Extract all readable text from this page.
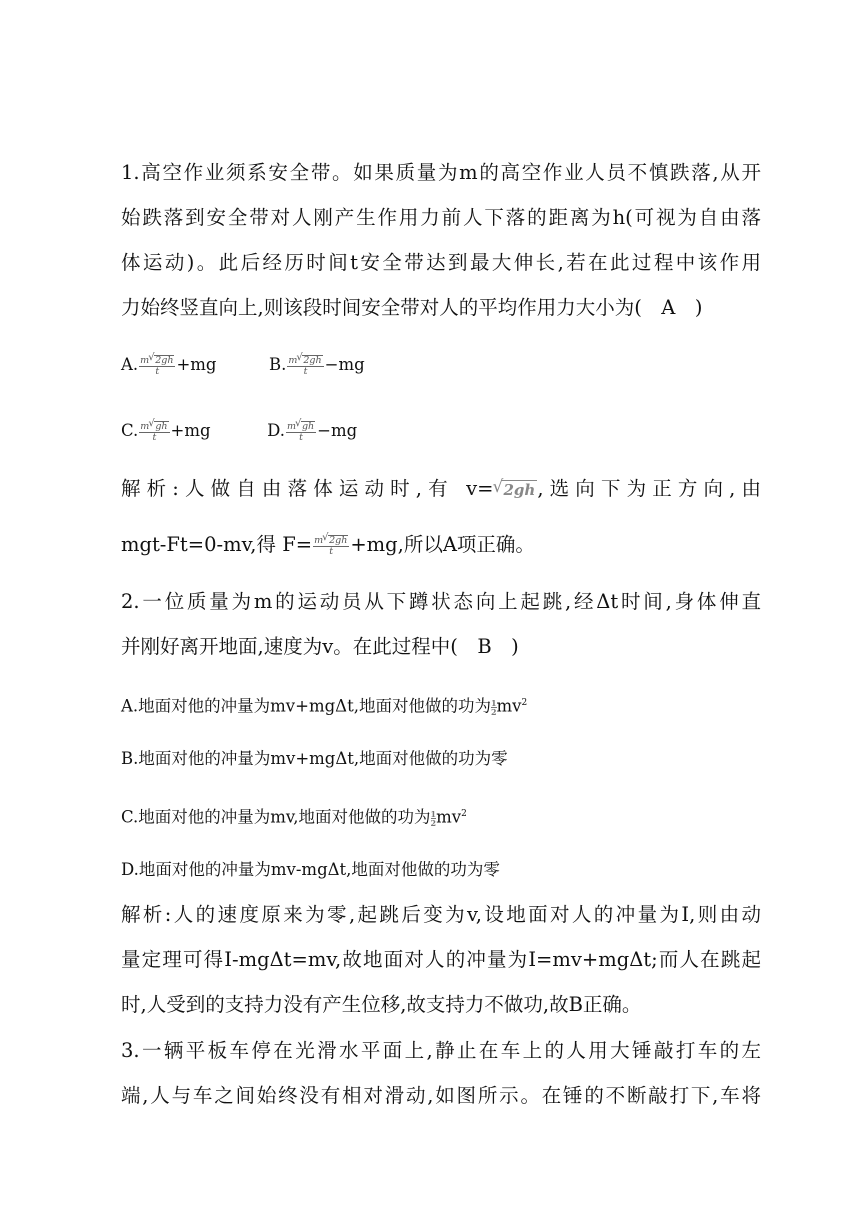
1.高空作业须系安全带。如果质量为m的高空作业人员不慎跌落,从开
始跌落到安全带对人刚产生作用力前人下落的距离为h(可视为自由落
体运动)。此后经历时间t安全带达到最大伸长,若在此过程中该作用
力始终竖直向上,则该段时间安全带对人的平均作用力大小为(　A　)
A. $\frac{m √ 2gh}{t} +mg$	B. $\frac{m √ 2gh}{t} -mg$
C. $\frac{m √ gh}{t} +mg$	D. $\frac{m √ gh}{t} -mg$
解析:人做自由落体运动时,有 v= √ 2gh ,选向下为正方向,由
mgt-Ft=0-mv,得 $F= \frac{m √ 2gh}{t} +mg$,所以A项正确。
2.一位质量为m的运动员从下蹲状态向上起跳,经Δt时间,身体伸直
并刚好离开地面,速度为v。在此过程中(　B　)
A.地面对他的冲量为mv+mgΔt,地面对他做的功为 $\frac{1}{2}mv^2$
B.地面对他的冲量为mv+mgΔt,地面对他做的功为零
C.地面对他的冲量为mv,地面对他做的功为 $\frac{1}{2}mv^2$
D.地面对他的冲量为mv-mgΔt,地面对他做的功为零
解析:人的速度原来为零,起跳后变为v,设地面对人的冲量为I,则由动
量定理可得I-mgΔt=mv,故地面对人的冲量为I=mv+mgΔt;而人在跳起
时,人受到的支持力没有产生位移,故支持力不做功,故B正确。
3.一辆平板车停在光滑水平面上,静止在车上的人用大锤敲打车的左
端,人与车之间始终没有相对滑动,如图所示。在锤的不断敲打下,车将
